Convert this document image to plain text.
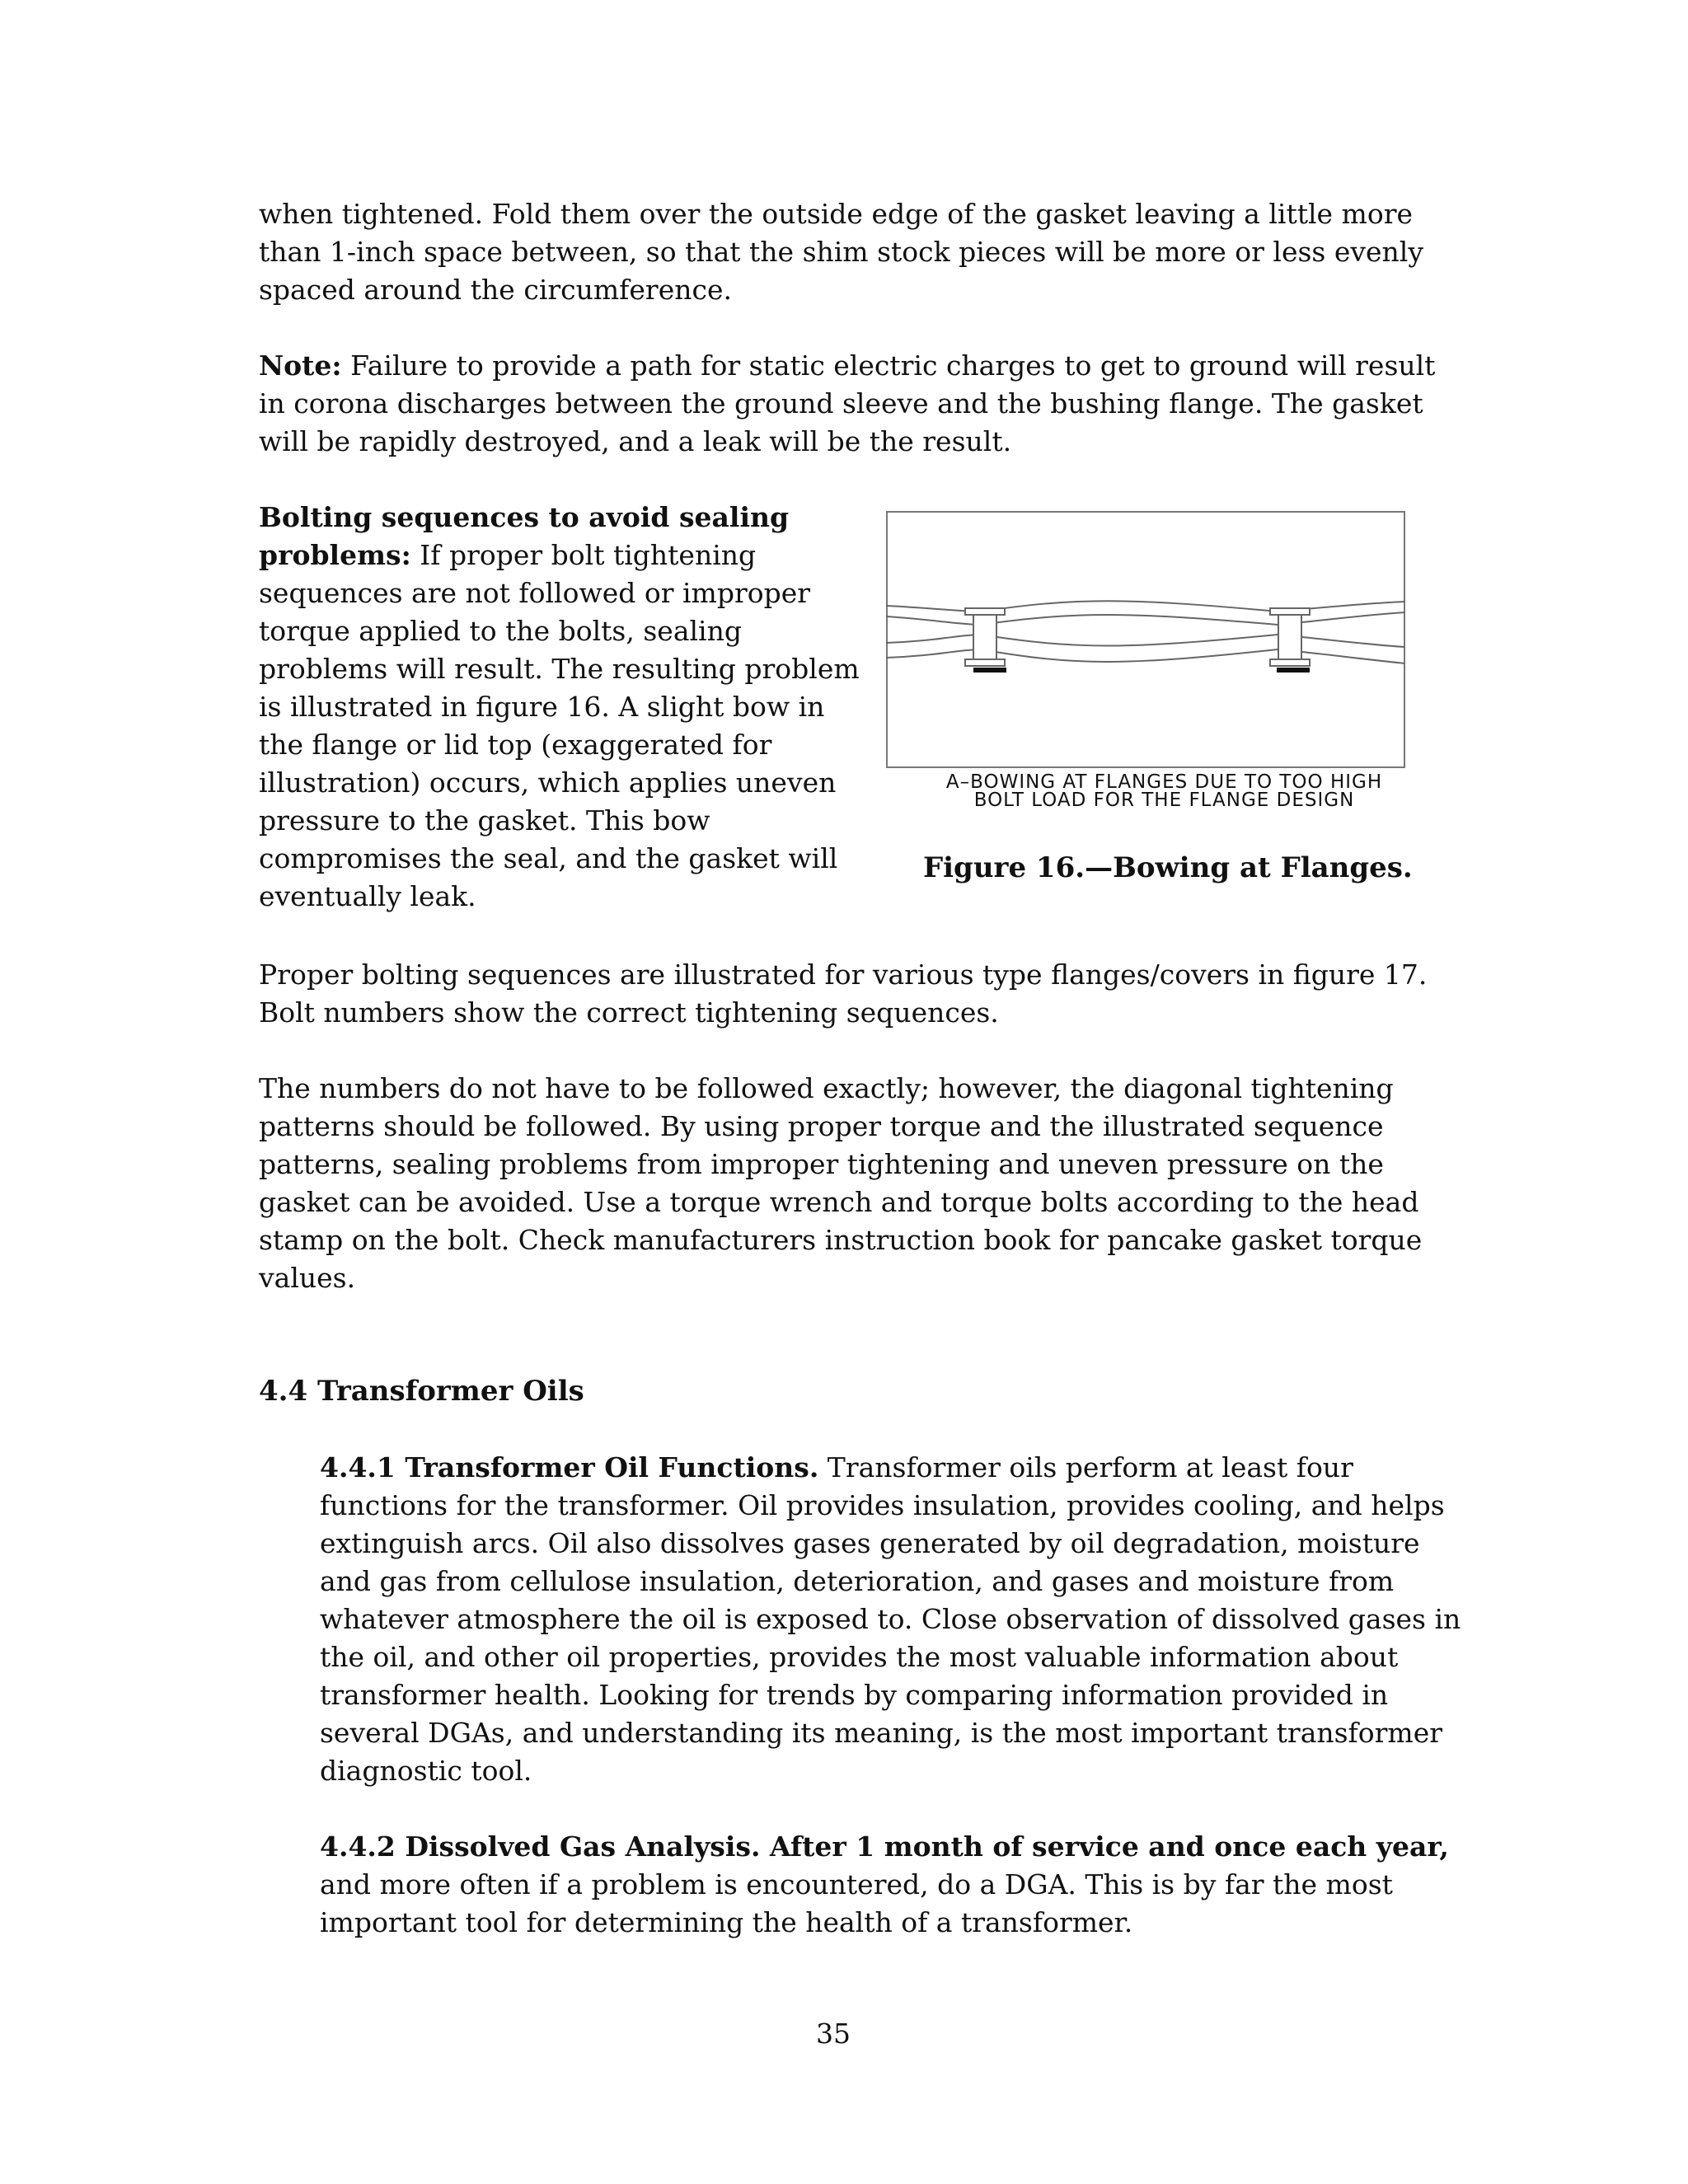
when tightened. Fold them over the outside edge of the gasket leaving a little more than 1-inch space between, so that the shim stock pieces will be more or less evenly spaced around the circumference.

Note: Failure to provide a path for static electric charges to get to ground will result in corona discharges between the ground sleeve and the bushing flange. The gasket will be rapidly destroyed, and a leak will be the result.

Bolting sequences to avoid sealing problems: If proper bolt tightening sequences are not followed or improper torque applied to the bolts, sealing problems will result. The resulting problem is illustrated in figure 16. A slight bow in the flange or lid top (exaggerated for illustration) occurs, which applies uneven pressure to the gasket. This bow compromises the seal, and the gasket will eventually leak.

A–BOWING AT FLANGES DUE TO TOO HIGH
BOLT LOAD FOR THE FLANGE DESIGN

Figure 16.—Bowing at Flanges.

Proper bolting sequences are illustrated for various type flanges/covers in figure 17. Bolt numbers show the correct tightening sequences.

The numbers do not have to be followed exactly; however, the diagonal tightening patterns should be followed. By using proper torque and the illustrated sequence patterns, sealing problems from improper tightening and uneven pressure on the gasket can be avoided. Use a torque wrench and torque bolts according to the head stamp on the bolt. Check manufacturers instruction book for pancake gasket torque values.

4.4 Transformer Oils

4.4.1 Transformer Oil Functions. Transformer oils perform at least four functions for the transformer. Oil provides insulation, provides cooling, and helps extinguish arcs. Oil also dissolves gases generated by oil degradation, moisture and gas from cellulose insulation, deterioration, and gases and moisture from whatever atmosphere the oil is exposed to. Close observation of dissolved gases in the oil, and other oil properties, provides the most valuable information about transformer health. Looking for trends by comparing information provided in several DGAs, and understanding its meaning, is the most important transformer diagnostic tool.

4.4.2 Dissolved Gas Analysis. After 1 month of service and once each year, and more often if a problem is encountered, do a DGA. This is by far the most important tool for determining the health of a transformer.

35
